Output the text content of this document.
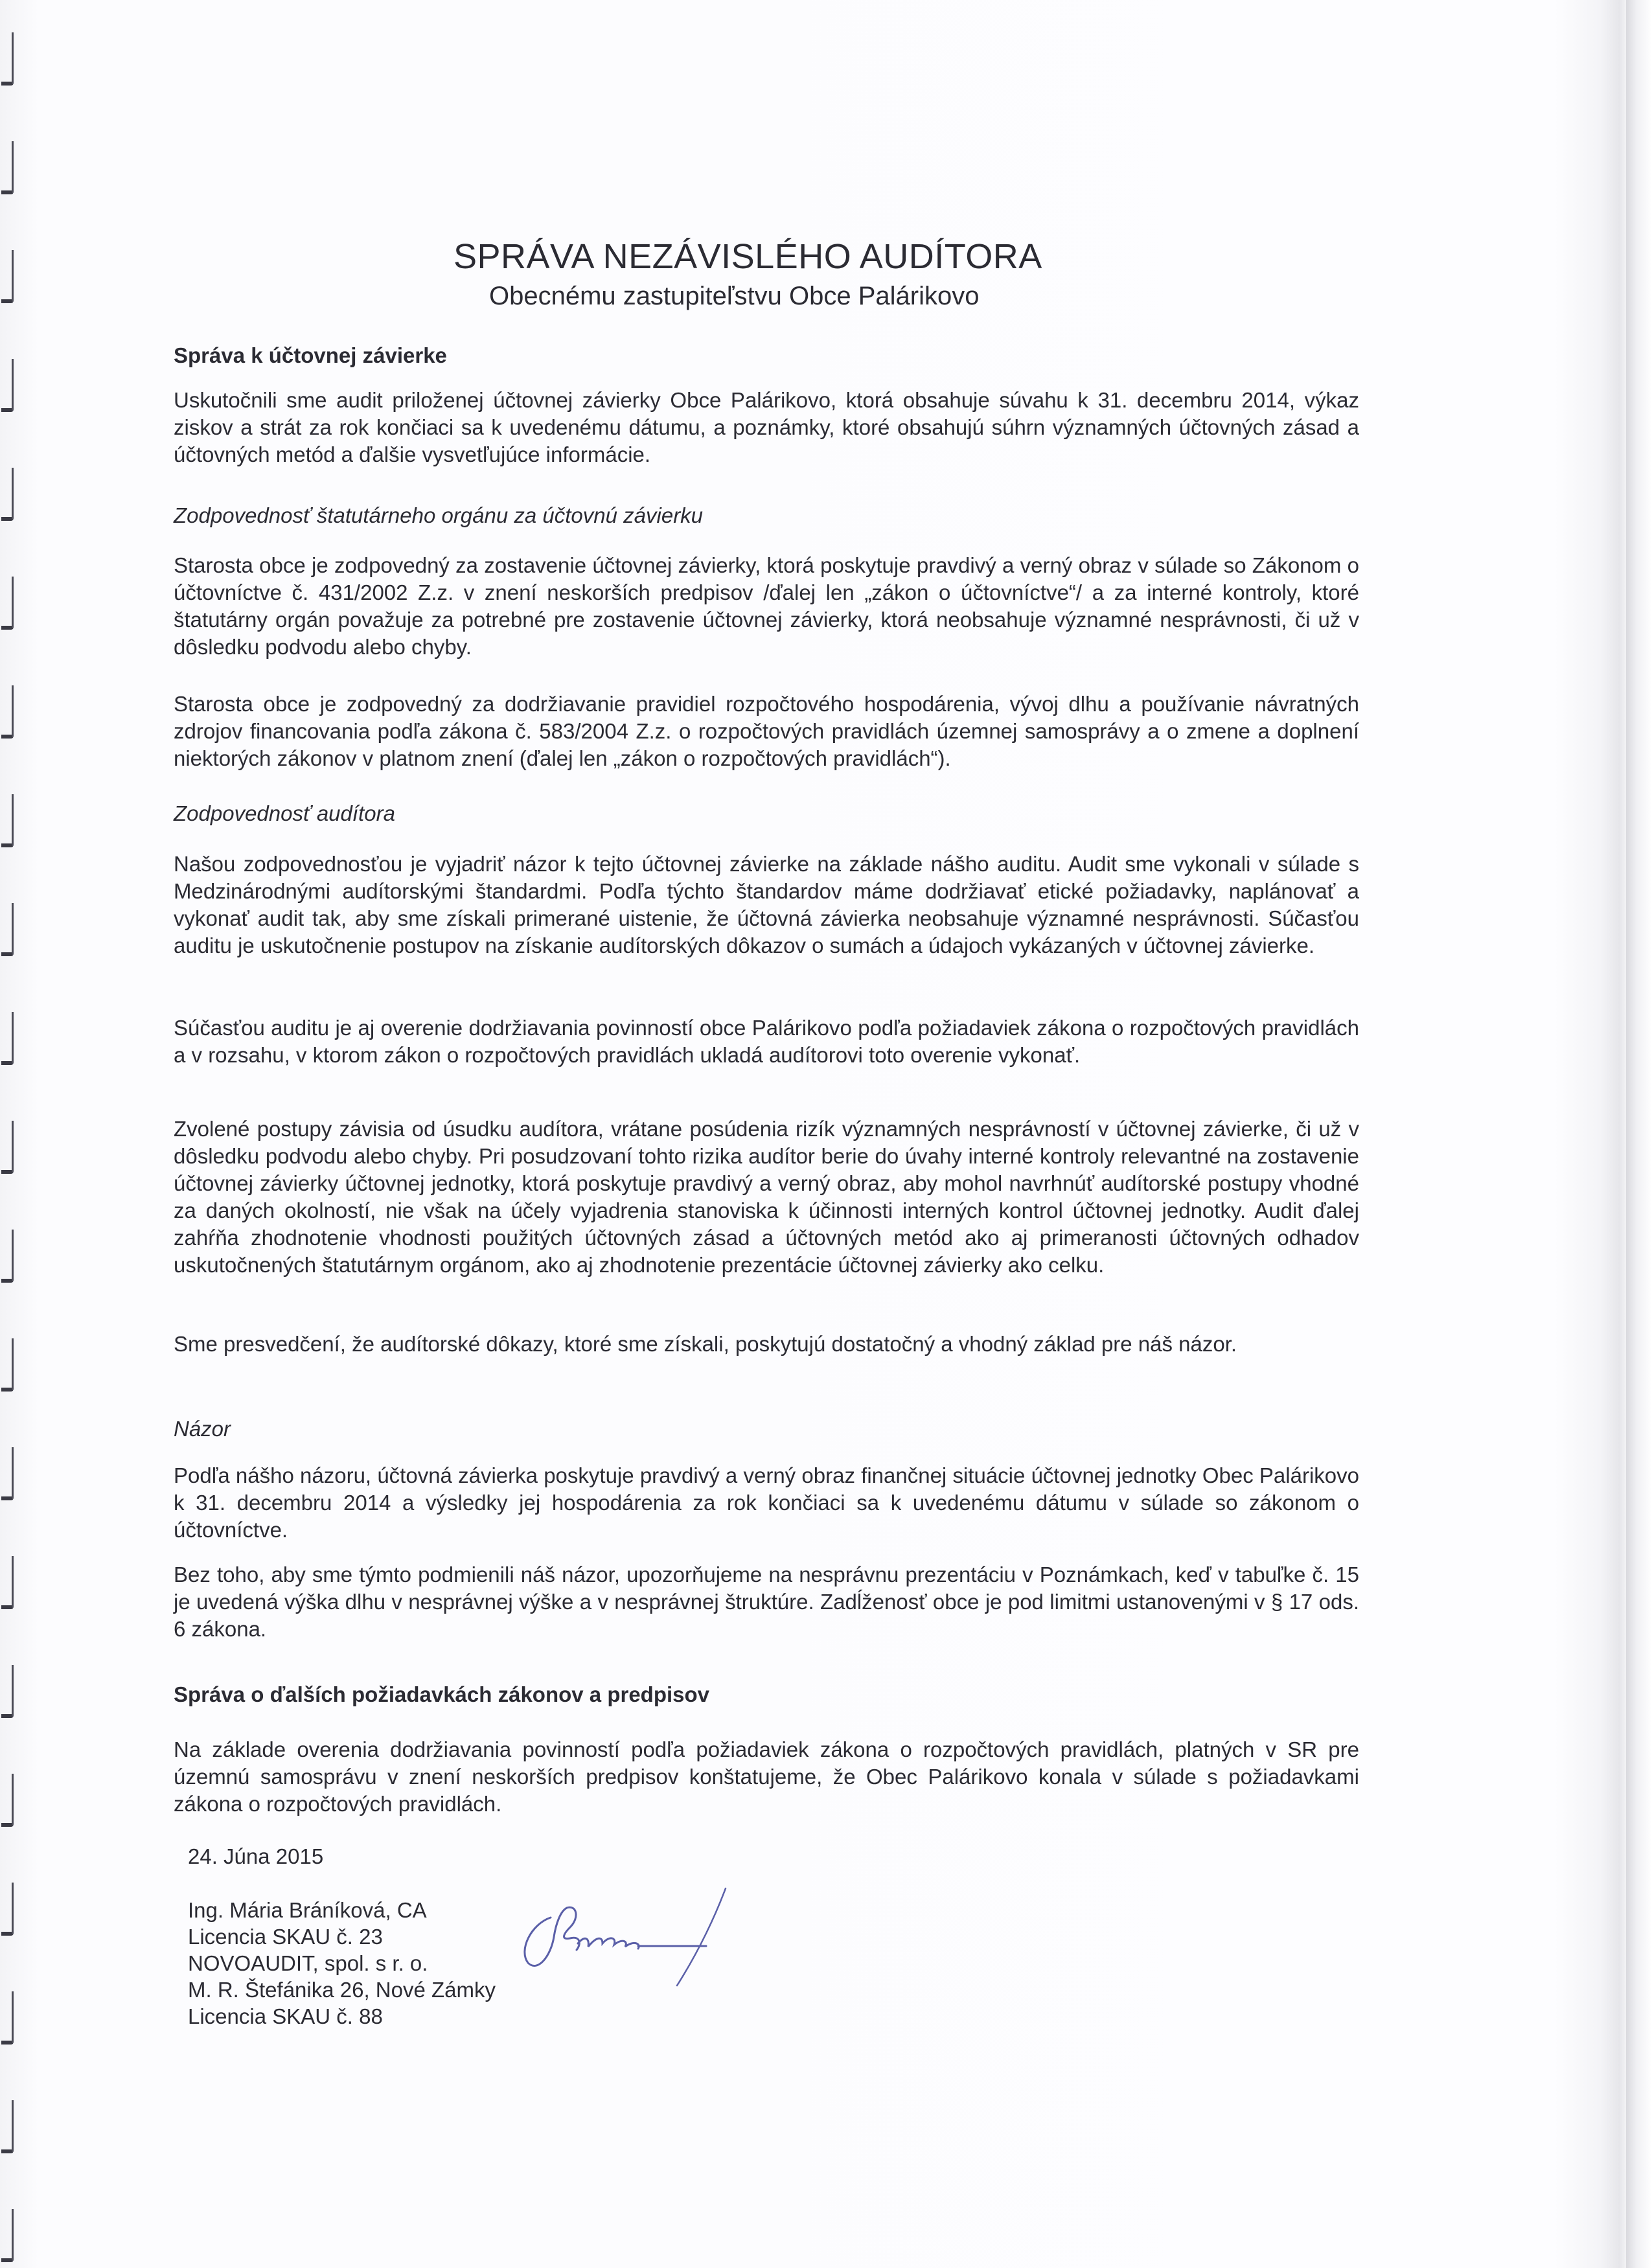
SPRÁVA NEZÁVISLÉHO AUDÍTORA
Obecnému zastupiteľstvu Obce Palárikovo

Správa k účtovnej závierke

Uskutočnili sme audit priloženej účtovnej závierky Obce Palárikovo, ktorá obsahuje súvahu k 31. decembru 2014, výkaz ziskov a strát za rok končiaci sa k uvedenému dátumu, a poznámky, ktoré obsahujú súhrn významných účtovných zásad a účtovných metód a ďalšie vysvetľujúce informácie.

Zodpovednosť štatutárneho orgánu za účtovnú závierku

Starosta obce je zodpovedný za zostavenie účtovnej závierky, ktorá poskytuje pravdivý a verný obraz v súlade so Zákonom o účtovníctve č. 431/2002 Z.z. v znení neskorších predpisov /ďalej len „zákon o účtovníctve“/ a za interné kontroly, ktoré štatutárny orgán považuje za potrebné pre zostavenie účtovnej závierky, ktorá neobsahuje významné nesprávnosti, či už v dôsledku podvodu alebo chyby.

Starosta obce je zodpovedný za dodržiavanie pravidiel rozpočtového hospodárenia, vývoj dlhu a používanie návratných zdrojov financovania podľa zákona č. 583/2004 Z.z. o rozpočtových pravidlách územnej samosprávy a o zmene a doplnení niektorých zákonov v platnom znení (ďalej len „zákon o rozpočtových pravidlách“).

Zodpovednosť audítora

Našou zodpovednosťou je vyjadriť názor k tejto účtovnej závierke na základe nášho auditu. Audit sme vykonali v súlade s Medzinárodnými audítorskými štandardmi. Podľa týchto štandardov máme dodržiavať etické požiadavky, naplánovať a vykonať audit tak, aby sme získali primerané uistenie, že účtovná závierka neobsahuje významné nesprávnosti. Súčasťou auditu je uskutočnenie postupov na získanie audítorských dôkazov o sumách a údajoch vykázaných v účtovnej závierke.

Súčasťou auditu je aj overenie dodržiavania povinností obce Palárikovo podľa požiadaviek zákona o rozpočtových pravidlách a v rozsahu, v ktorom zákon o rozpočtových pravidlách ukladá audítorovi toto overenie vykonať.

Zvolené postupy závisia od úsudku audítora, vrátane posúdenia rizík významných nesprávností v účtovnej závierke, či už v dôsledku podvodu alebo chyby. Pri posudzovaní tohto rizika audítor berie do úvahy interné kontroly relevantné na zostavenie účtovnej závierky účtovnej jednotky, ktorá poskytuje pravdivý a verný obraz, aby mohol navrhnúť audítorské postupy vhodné za daných okolností, nie však na účely vyjadrenia stanoviska k účinnosti interných kontrol účtovnej jednotky. Audit ďalej zahŕňa zhodnotenie vhodnosti použitých účtovných zásad a účtovných metód ako aj primeranosti účtovných odhadov uskutočnených štatutárnym orgánom, ako aj zhodnotenie prezentácie účtovnej závierky ako celku.

Sme presvedčení, že audítorské dôkazy, ktoré sme získali, poskytujú dostatočný a vhodný základ pre náš názor.

Názor

Podľa nášho názoru, účtovná závierka poskytuje pravdivý a verný obraz finančnej situácie účtovnej jednotky Obec Palárikovo k 31. decembru 2014 a výsledky jej hospodárenia za rok končiaci sa k uvedenému dátumu v súlade so zákonom o účtovníctve.

Bez toho, aby sme týmto podmienili náš názor, upozorňujeme na nesprávnu prezentáciu v Poznámkach, keď v tabuľke č. 15 je uvedená výška dlhu v nesprávnej výške a v nesprávnej štruktúre. Zadĺženosť obce je pod limitmi ustanovenými v § 17 ods. 6 zákona.

Správa o ďalších požiadavkách zákonov a predpisov

Na základe overenia dodržiavania povinností podľa požiadaviek zákona o rozpočtových pravidlách, platných v SR pre územnú samosprávu v znení neskorších predpisov konštatujeme, že Obec Palárikovo konala v súlade s požiadavkami zákona o rozpočtových pravidlách.

24. Júna 2015

Ing. Mária Bráníková, CA
Licencia SKAU č. 23
NOVOAUDIT, spol. s r. o.
M. R. Štefánika 26, Nové Zámky
Licencia SKAU č. 88
